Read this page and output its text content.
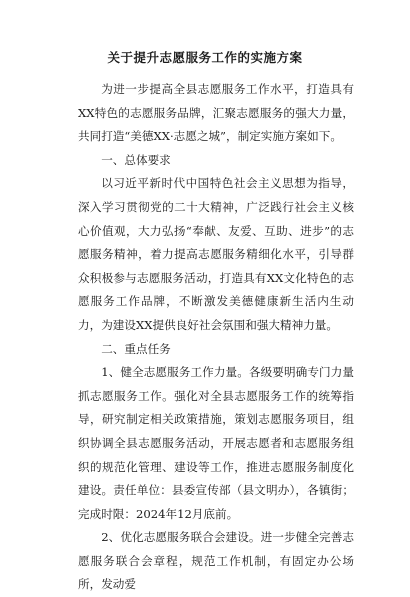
关于提升志愿服务工作的实施方案

为进一步提高全县志愿服务工作水平，打造具有XX特色的志愿服务品牌，汇聚志愿服务的强大力量，共同打造“美德XX·志愿之城”，制定实施方案如下。

一、总体要求

以习近平新时代中国特色社会主义思想为指导，深入学习贯彻党的二十大精神，广泛践行社会主义核心价值观，大力弘扬“奉献、友爱、互助、进步”的志愿服务精神，着力提高志愿服务精细化水平，引导群众积极参与志愿服务活动，打造具有XX文化特色的志愿服务工作品牌，不断激发美德健康新生活内生动力，为建设XX提供良好社会氛围和强大精神力量。

二、重点任务

1、健全志愿服务工作力量。各级要明确专门力量抓志愿服务工作。强化对全县志愿服务工作的统筹指导，研究制定相关政策措施，策划志愿服务项目，组织协调全县志愿服务活动，开展志愿者和志愿服务组织的规范化管理、建设等工作，推进志愿服务制度化建设。责任单位：县委宣传部（县文明办），各镇街；完成时限：2024年12月底前。

2、优化志愿服务联合会建设。进一步健全完善志愿服务联合会章程，规范工作机制，有固定办公场所，发动爱
